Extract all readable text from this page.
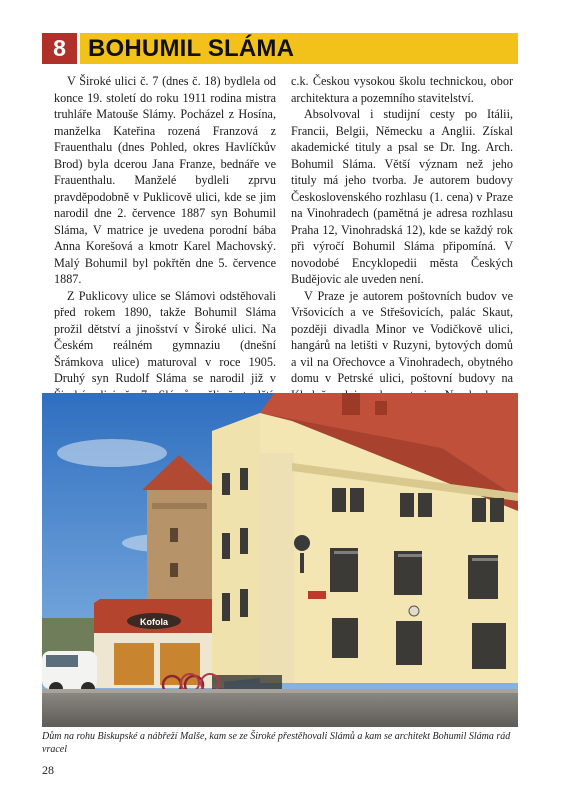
8 BOHUMIL SLÁMA

V Široké ulici č. 7 (dnes č. 18) bydlela od konce 19. století do roku 1911 rodina mistra truhláře Matouše Slámy. Pocházel z Hosína, manželka Kateřina rozená Franzová z Frauenthalu (dnes Pohled, okres Havlíčkův Brod) byla dcerou Jana Franze, bednáře ve Frauenthalu. Manželé bydleli zprvu pravděpodobně v Puklicově ulici, kde se jim narodil dne 2. července 1887 syn Bohumil Sláma, V matrice je uvedena porodní bába Anna Korešová a kmotr Karel Machovský. Malý Bohumil byl pokřtěn dne 5. července 1887.

Z Puklicovy ulice se Slámovi odstěhovali před rokem 1890, takže Bohumil Sláma prožil dětství a jinošství v Široké ulici. Na Českém reálném gymnaziu (dnešní Šrámkova ulice) maturoval v roce 1905. Druhý syn Rudolf Sláma se narodil již v

c.k. Českou vysokou školu technickou, obor architektura a pozemního stavitelství.

Absolvoval i studijní cesty po Itálii, Francii, Belgii, Německu a Anglii. Získal akademické tituly a psal se Dr. Ing. Arch. Bohumil Sláma. Větší význam než jeho tituly má jeho tvorba. Je autorem budovy Československého rozhlasu (1. cena) v Praze na Vinohradech (pamětná je adresa rozhlasu Praha 12, Vinohradská 12), kde se každý rok při výročí Bohumil Sláma připomíná. V novodobé Encyklopedii města Českých Budějovic ale uveden není.

V Praze je autorem poštovních budov ve Vršovicích a ve Střešovicích, palác Skaut, později divadla Minor ve Vodičkově ulici, hangárů na letišti v Ruzyni, bytových domů a vil na Ořechovce a Vinohradech, obytného domu v Petrské ulici, poštovní budovy na

Kofola
Dům na rohu Biskupské a nábřeží Malše, kam se ze Široké přestěhovali Slámů a kam se architekt Bohumil Sláma rád vracel
28
